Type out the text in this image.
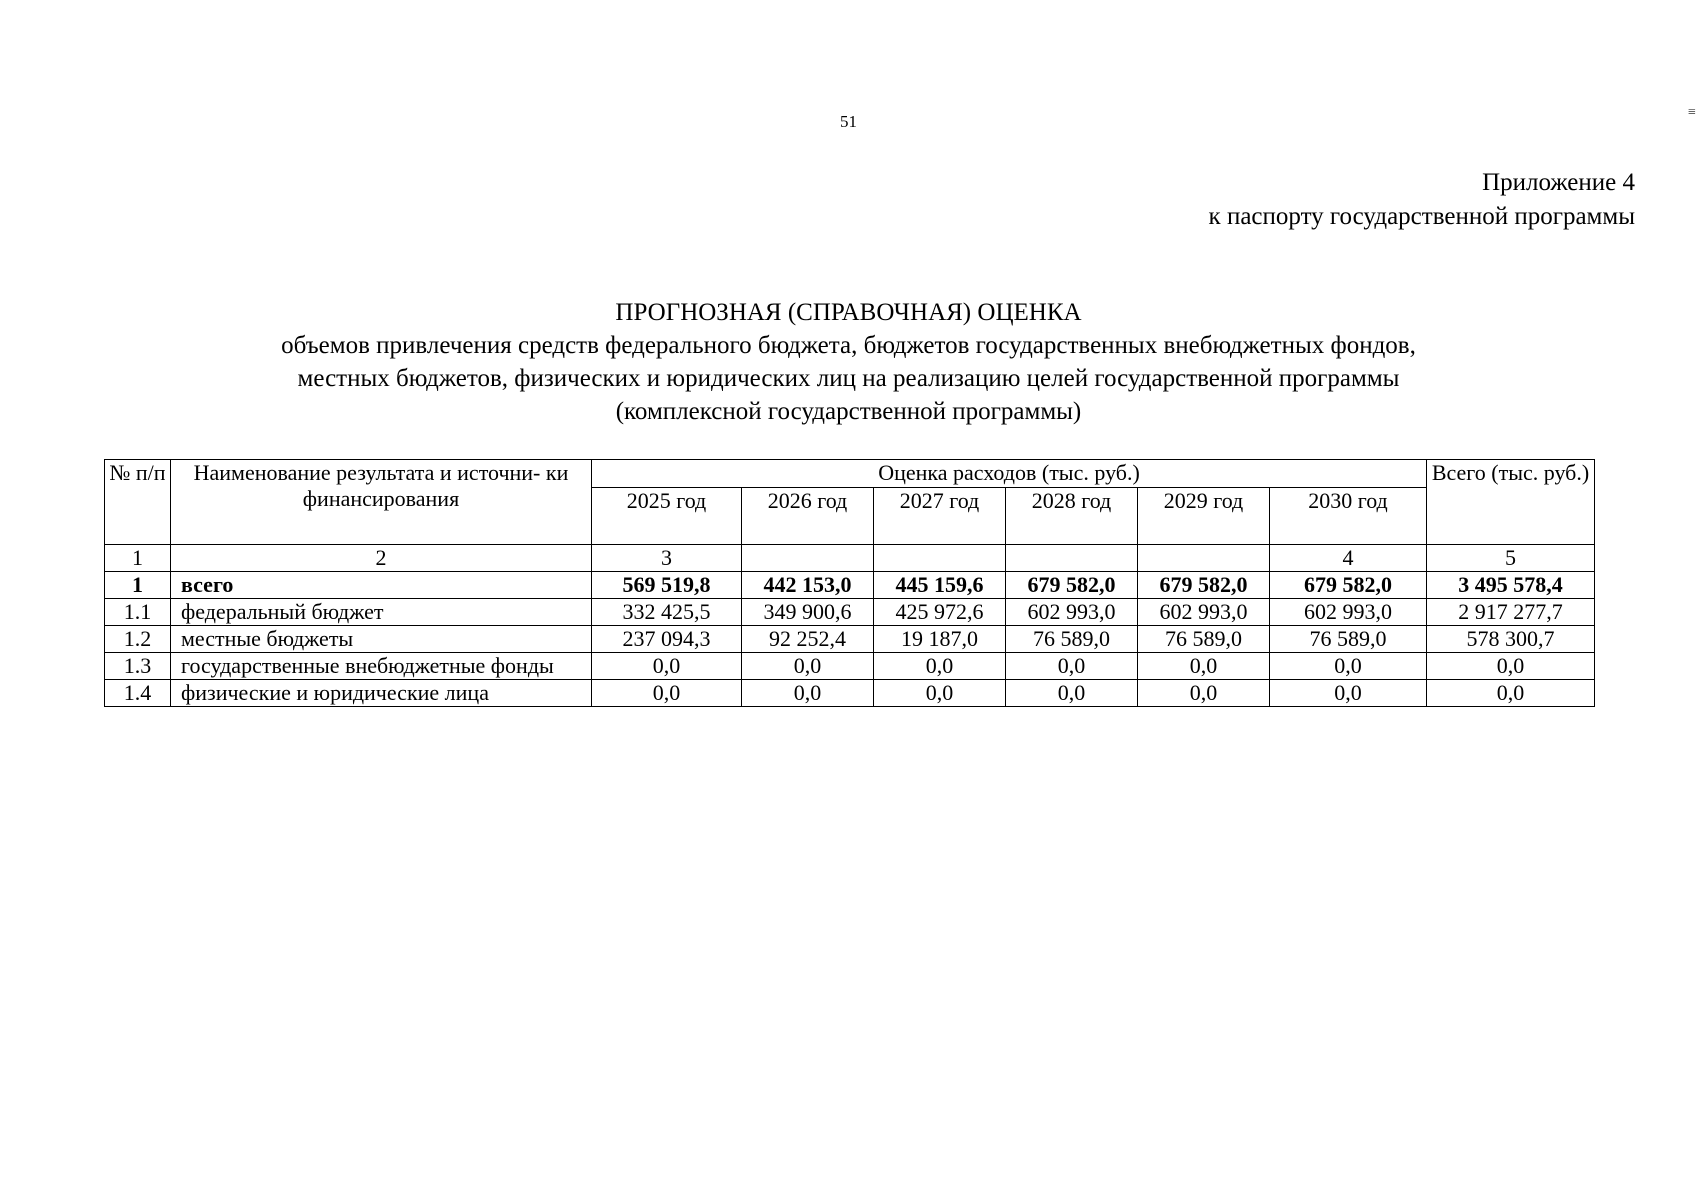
51
Приложение 4
к паспорту государственной программы
ПРОГНОЗНАЯ (СПРАВОЧНАЯ) ОЦЕНКА
объемов привлечения средств федерального бюджета, бюджетов государственных внебюджетных фондов,
местных бюджетов, физических и юридических лиц на реализацию целей государственной программы
(комплексной государственной программы)
≡
№ п/п	Наименование результата и источни- ки финансирования	Оценка расходов (тыс. руб.)						Всего (тыс. руб.)
		2025 год	2026 год	2027 год	2028 год	2029 год	2030 год	
1	2	3					4	5
1	всего	569 519,8	442 153,0	445 159,6	679 582,0	679 582,0	679 582,0	3 495 578,4
1.1	федеральный бюджет	332 425,5	349 900,6	425 972,6	602 993,0	602 993,0	602 993,0	2 917 277,7
1.2	местные бюджеты	237 094,3	92 252,4	19 187,0	76 589,0	76 589,0	76 589,0	578 300,7
1.3	государственные внебюджетные фонды	0,0	0,0	0,0	0,0	0,0	0,0	0,0
1.4	физические и юридические лица	0,0	0,0	0,0	0,0	0,0	0,0	0,0
